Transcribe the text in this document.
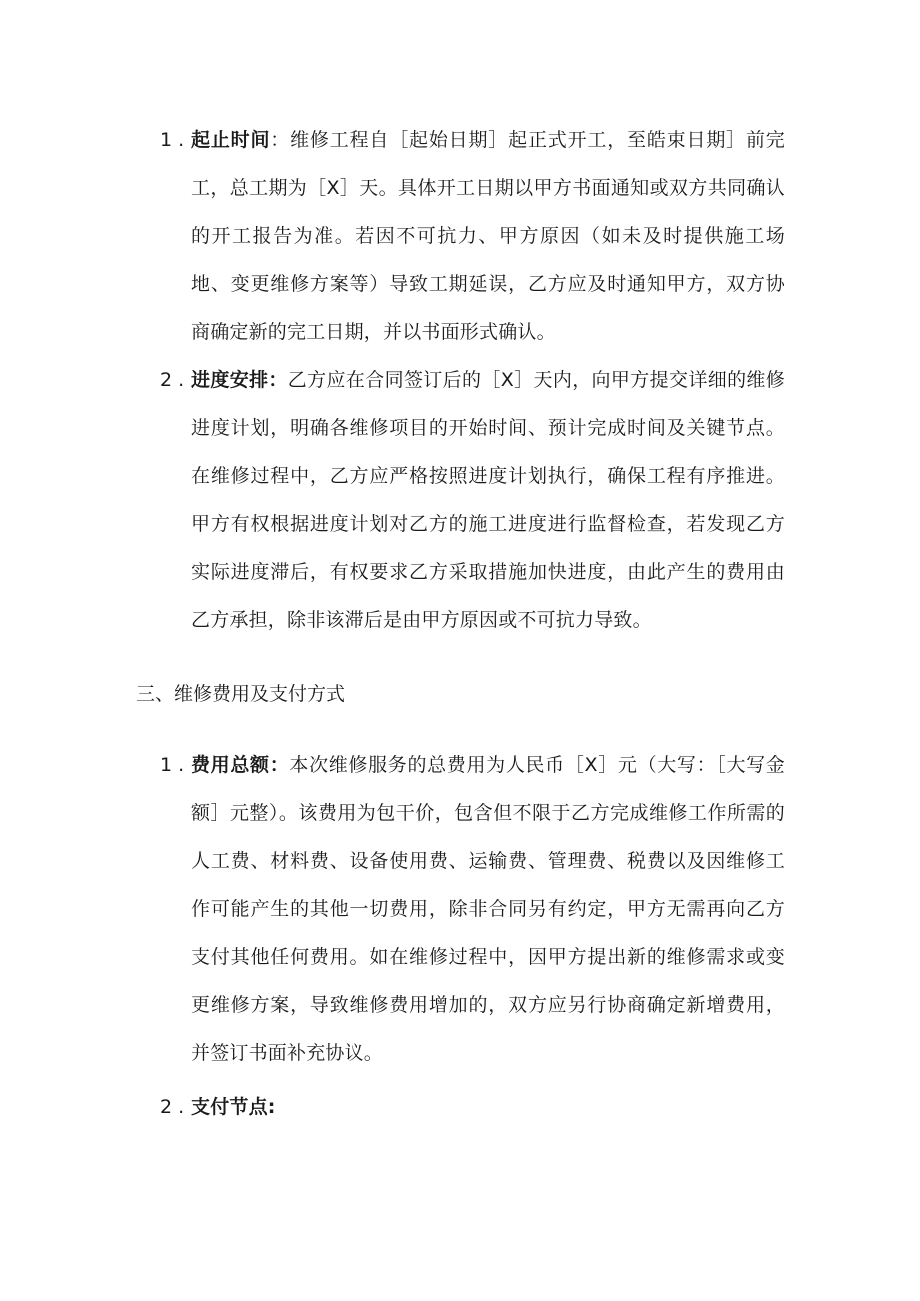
1 . 起止时间：维修工程自［起始日期］起正式开工，至皓束日期］前完工，总工期为［X］天。具体开工日期以甲方书面通知或双方共同确认的开工报告为准。若因不可抗力、甲方原因（如未及时提供施工场地、变更维修方案等）导致工期延误，乙方应及时通知甲方，双方协商确定新的完工日期，并以书面形式确认。
2 . 进度安排：乙方应在合同签订后的［X］天内，向甲方提交详细的维修进度计划，明确各维修项目的开始时间、预计完成时间及关键节点。在维修过程中，乙方应严格按照进度计划执行，确保工程有序推进。甲方有权根据进度计划对乙方的施工进度进行监督检查，若发现乙方实际进度滞后，有权要求乙方采取措施加快进度，由此产生的费用由乙方承担，除非该滞后是由甲方原因或不可抗力导致。
三、维修费用及支付方式
1 . 费用总额：本次维修服务的总费用为人民币［X］元（大写：［大写金额］元整）。该费用为包干价，包含但不限于乙方完成维修工作所需的人工费、材料费、设备使用费、运输费、管理费、税费以及因维修工作可能产生的其他一切费用，除非合同另有约定，甲方无需再向乙方支付其他任何费用。如在维修过程中，因甲方提出新的维修需求或变更维修方案，导致维修费用增加的，双方应另行协商确定新增费用，并签订书面补充协议。
2 . 支付节点:
